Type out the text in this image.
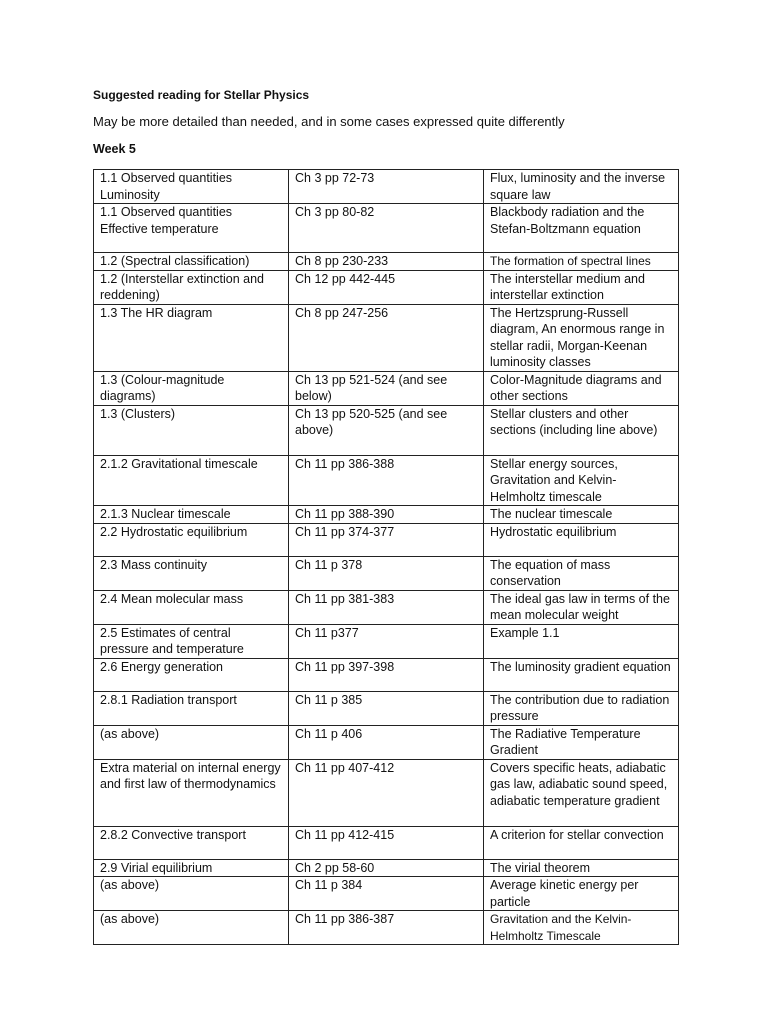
Suggested reading for Stellar Physics
May be more detailed than needed, and in some cases expressed quite differently
Week 5
1.1 Observed quantities Luminosity	Ch 3 pp 72-73	Flux, luminosity and the inverse square law
1.1 Observed quantities Effective temperature	Ch 3 pp 80-82	Blackbody radiation and the Stefan-Boltzmann equation
1.2 (Spectral classification)	Ch 8 pp 230-233	The formation of spectral lines
1.2 (Interstellar extinction and reddening)	Ch 12 pp 442-445	The interstellar medium and interstellar extinction
1.3 The HR diagram	Ch 8 pp 247-256	The Hertzsprung-Russell diagram, An enormous range in stellar radii, Morgan-Keenan luminosity classes
1.3 (Colour-magnitude diagrams)	Ch 13 pp 521-524 (and see below)	Color-Magnitude diagrams and other sections
1.3 (Clusters)	Ch 13 pp 520-525 (and see above)	Stellar clusters and other sections (including line above)
2.1.2 Gravitational timescale	Ch 11 pp 386-388	Stellar energy sources, Gravitation and Kelvin-Helmholtz timescale
2.1.3 Nuclear timescale	Ch 11 pp 388-390	The nuclear timescale
2.2 Hydrostatic equilibrium	Ch 11 pp 374-377	Hydrostatic equilibrium
2.3 Mass continuity	Ch 11 p 378	The equation of mass conservation
2.4 Mean molecular mass	Ch 11 pp 381-383	The ideal gas law in terms of the mean molecular weight
2.5 Estimates of central pressure and temperature	Ch 11 p377	Example 1.1
2.6 Energy generation	Ch 11 pp 397-398	The luminosity gradient equation
2.8.1 Radiation transport	Ch 11 p 385	The contribution due to radiation pressure
(as above)	Ch 11 p 406	The Radiative Temperature Gradient
Extra material on internal energy and first law of thermodynamics	Ch 11 pp 407-412	Covers specific heats, adiabatic gas law, adiabatic sound speed, adiabatic temperature gradient
2.8.2 Convective transport	Ch 11 pp 412-415	A criterion for stellar convection
2.9 Virial equilibrium	Ch 2 pp 58-60	The virial theorem
(as above)	Ch 11 p 384	Average kinetic energy per particle
(as above)	Ch 11 pp 386-387	Gravitation and the Kelvin-Helmholtz Timescale
